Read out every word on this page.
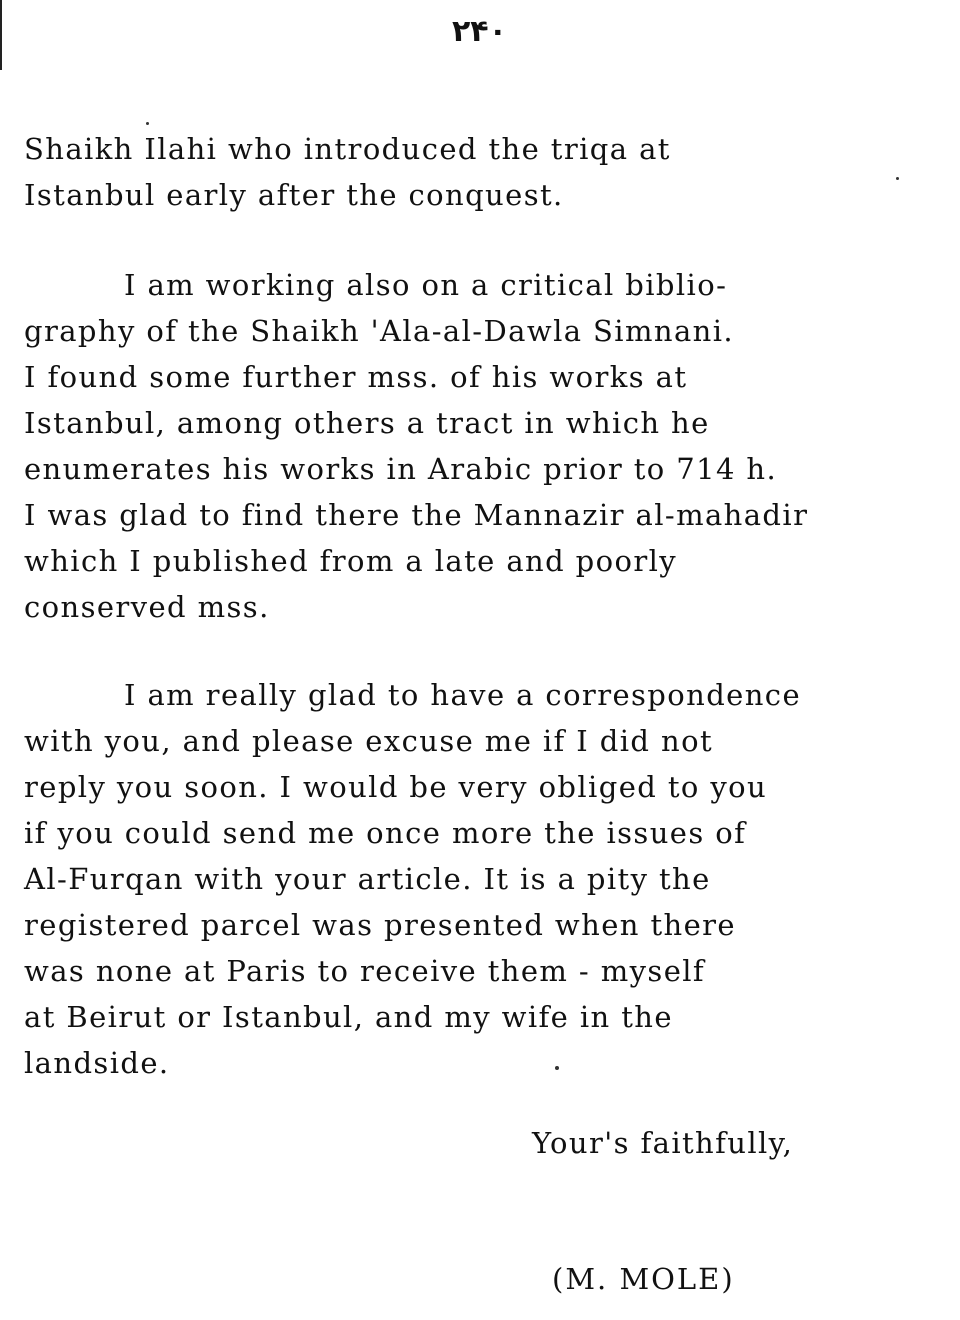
۲۴۰
Shaikh Ilahi who introduced the triqa at
Istanbul early after the conquest.
I am working also on a critical biblio-
graphy of the Shaikh 'Ala-al-Dawla Simnani.
I found some further mss. of his works at
Istanbul, among others a tract in which he
enumerates his works in Arabic prior to 714 h.
I was glad to find there the Mannazir al-mahadir
which I published from a late and poorly
conserved mss.
I am really glad to have a correspondence
with you, and please excuse me if I did not
reply you soon. I would be very obliged to you
if you could send me once more the issues of
Al-Furqan with your article. It is a pity the
registered parcel was presented when there
was none at Paris to receive them - myself
at Beirut or Istanbul, and my wife in the
landside.
Your's faithfully,
(M. MOLE)
